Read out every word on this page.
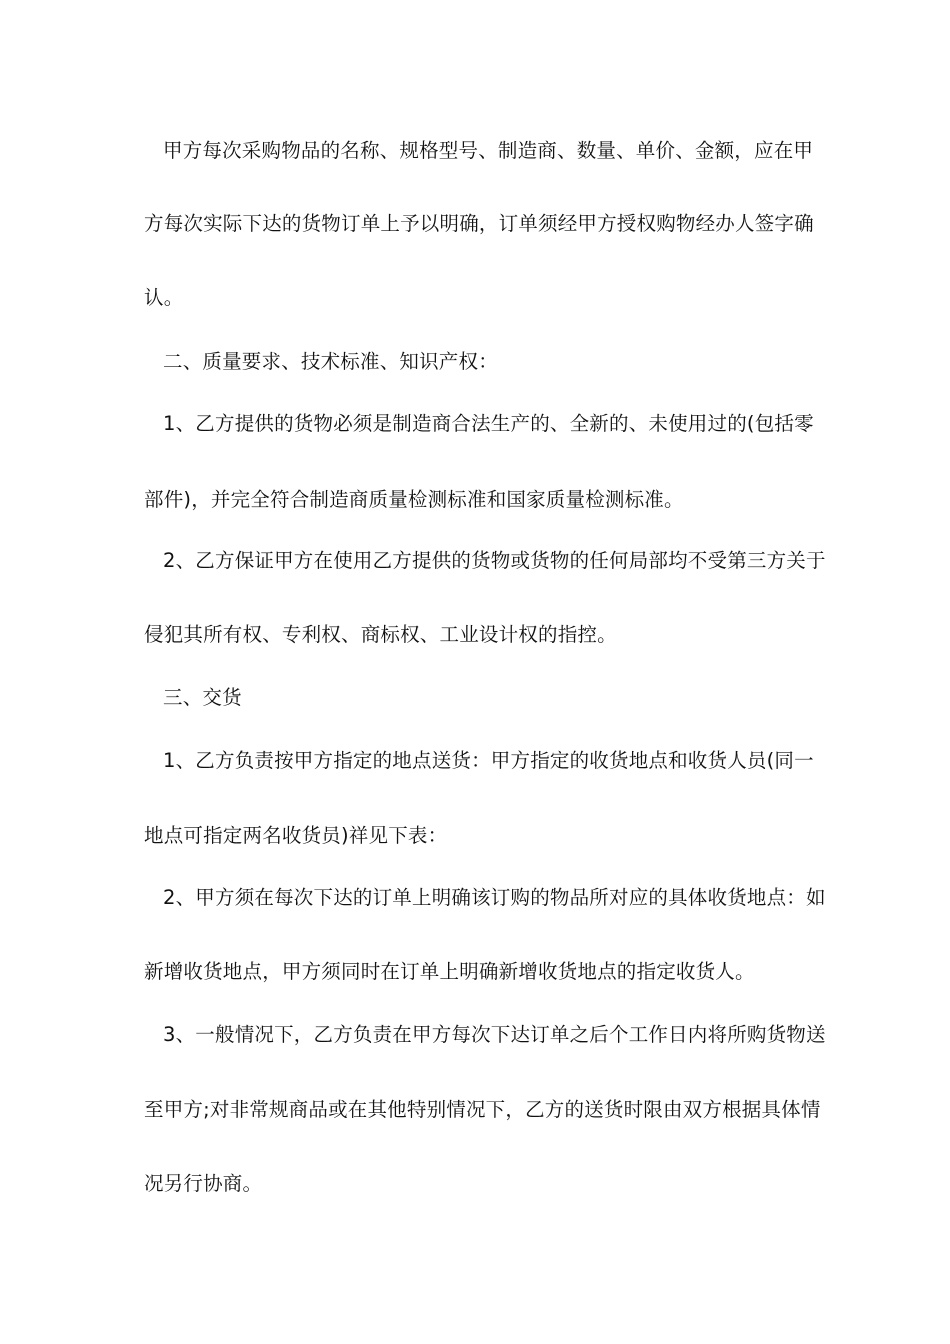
甲方每次采购物品的名称、规格型号、制造商、数量、单价、金额，应在甲
方每次实际下达的货物订单上予以明确，订单须经甲方授权购物经办人签字确
认。
二、质量要求、技术标准、知识产权：
1、乙方提供的货物必须是制造商合法生产的、全新的、未使用过的(包括零
部件)，并完全符合制造商质量检测标准和国家质量检测标准。
2、乙方保证甲方在使用乙方提供的货物或货物的任何局部均不受第三方关于
侵犯其所有权、专利权、商标权、工业设计权的指控。
三、交货
1、乙方负责按甲方指定的地点送货：甲方指定的收货地点和收货人员(同一
地点可指定两名收货员)祥见下表：
2、甲方须在每次下达的订单上明确该订购的物品所对应的具体收货地点：如
新增收货地点，甲方须同时在订单上明确新增收货地点的指定收货人。
3、一般情况下，乙方负责在甲方每次下达订单之后个工作日内将所购货物送
至甲方;对非常规商品或在其他特别情况下，乙方的送货时限由双方根据具体情
况另行协商。
